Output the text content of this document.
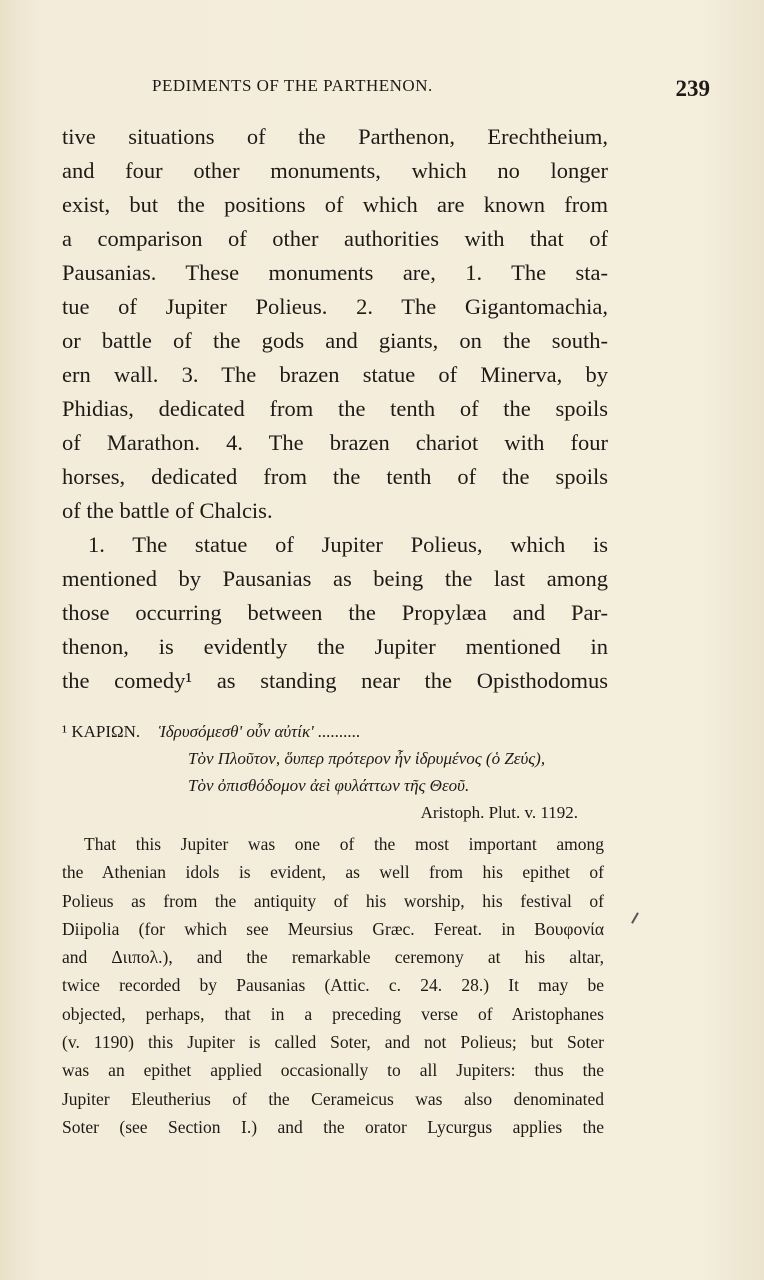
PEDIMENTS OF THE PARTHENON.	239
tive situations of the Parthenon, Erechtheium,
and four other monuments, which no longer
exist, but the positions of which are known from
a comparison of other authorities with that of
Pausanias. These monuments are, 1. The sta-
tue of Jupiter Polieus. 2. The Gigantomachia,
or battle of the gods and giants, on the south-
ern wall. 3. The brazen statue of Minerva, by
Phidias, dedicated from the tenth of the spoils
of Marathon. 4. The brazen chariot with four
horses, dedicated from the tenth of the spoils
of the battle of Chalcis.
1. The statue of Jupiter Polieus, which is
mentioned by Pausanias as being the last among
those occurring between the Propylæa and Par-
thenon, is evidently the Jupiter mentioned in
the comedy¹ as standing near the Opisthodomus
¹ ΚΑΡΙΩΝ. Ἱδρυσόμεσθ' οὖν αὐτίκ' ..........
Τὸν Πλοῦτον, ὅυπερ πρότερον ἦν ἱδρυμένος (ὁ Ζεύς),
Τὸν ὀπισθόδομον ἀεὶ φυλάττων τῆς Θεοῦ.
Aristoph. Plut. v. 1192.
That this Jupiter was one of the most important among
the Athenian idols is evident, as well from his epithet of
Polieus as from the antiquity of his worship, his festival of
Diipolia (for which see Meursius Græc. Fereat. in Βουφονία
and Διιπολ.), and the remarkable ceremony at his altar,
twice recorded by Pausanias (Attic. c. 24. 28.) It may be
objected, perhaps, that in a preceding verse of Aristophanes
(v. 1190) this Jupiter is called Soter, and not Polieus; but Soter
was an epithet applied occasionally to all Jupiters: thus the
Jupiter Eleutherius of the Cerameicus was also denominated
Soter (see Section I.) and the orator Lycurgus applies the
